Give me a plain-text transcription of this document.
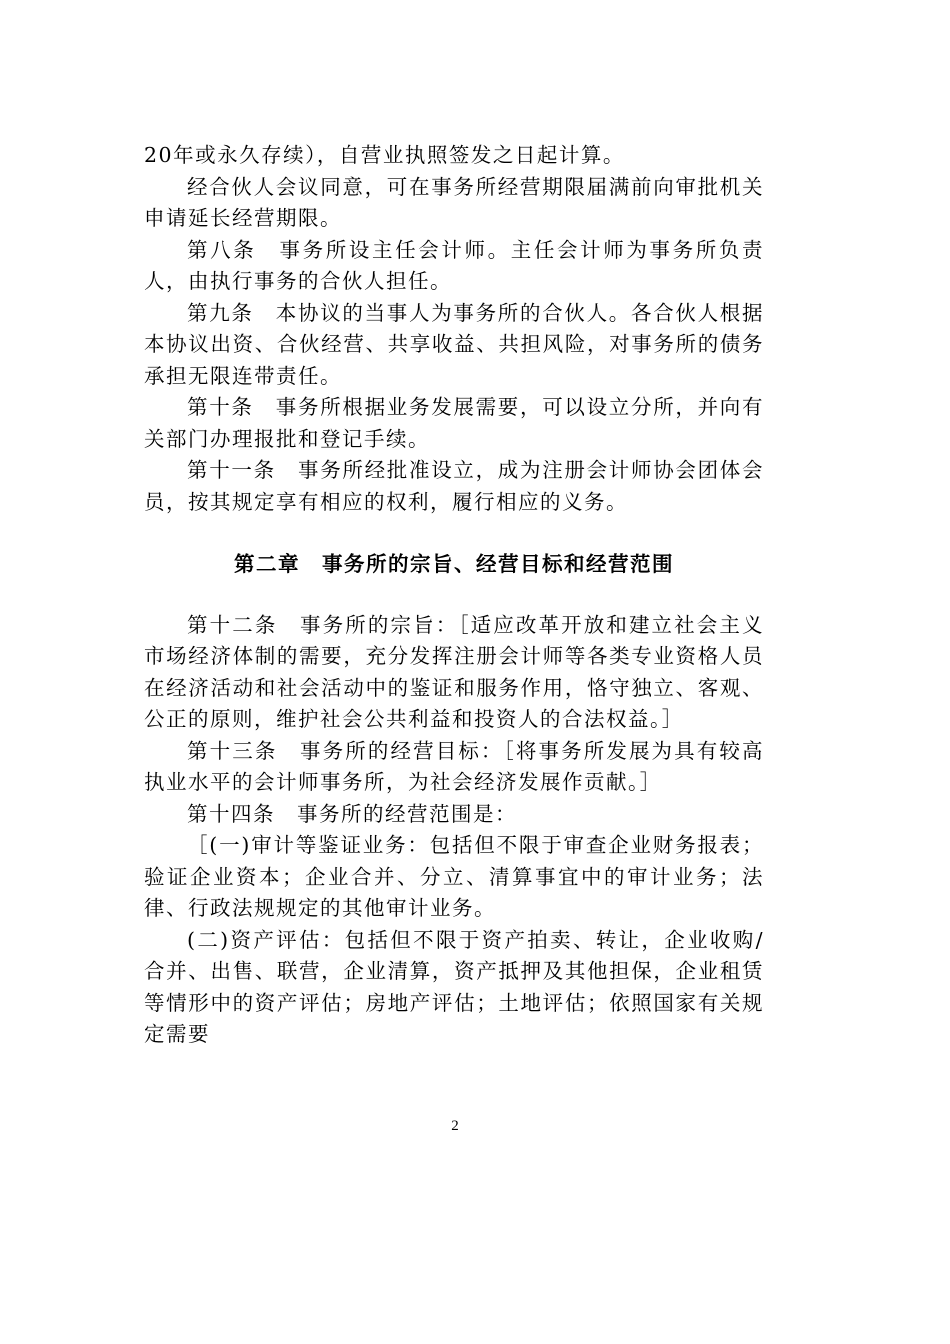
20年或永久存续），自营业执照签发之日起计算。

经合伙人会议同意，可在事务所经营期限届满前向审批机关申请延长经营期限。

第八条　事务所设主任会计师。主任会计师为事务所负责人，由执行事务的合伙人担任。

第九条　本协议的当事人为事务所的合伙人。各合伙人根据本协议出资、合伙经营、共享收益、共担风险，对事务所的债务承担无限连带责任。

第十条　事务所根据业务发展需要，可以设立分所，并向有关部门办理报批和登记手续。

第十一条　事务所经批准设立，成为注册会计师协会团体会员，按其规定享有相应的权利，履行相应的义务。

第二章　事务所的宗旨、经营目标和经营范围

第十二条　事务所的宗旨：［适应改革开放和建立社会主义市场经济体制的需要，充分发挥注册会计师等各类专业资格人员在经济活动和社会活动中的鉴证和服务作用，恪守独立、客观、公正的原则，维护社会公共利益和投资人的合法权益。］

第十三条　事务所的经营目标：［将事务所发展为具有较高执业水平的会计师事务所，为社会经济发展作贡献。］

第十四条　事务所的经营范围是：

［(一)审计等鉴证业务：包括但不限于审查企业财务报表；验证企业资本；企业合并、分立、清算事宜中的审计业务；法律、行政法规规定的其他审计业务。

(二)资产评估：包括但不限于资产拍卖、转让，企业收购/合并、出售、联营，企业清算，资产抵押及其他担保，企业租赁等情形中的资产评估；房地产评估；土地评估；依照国家有关规定需要

2
